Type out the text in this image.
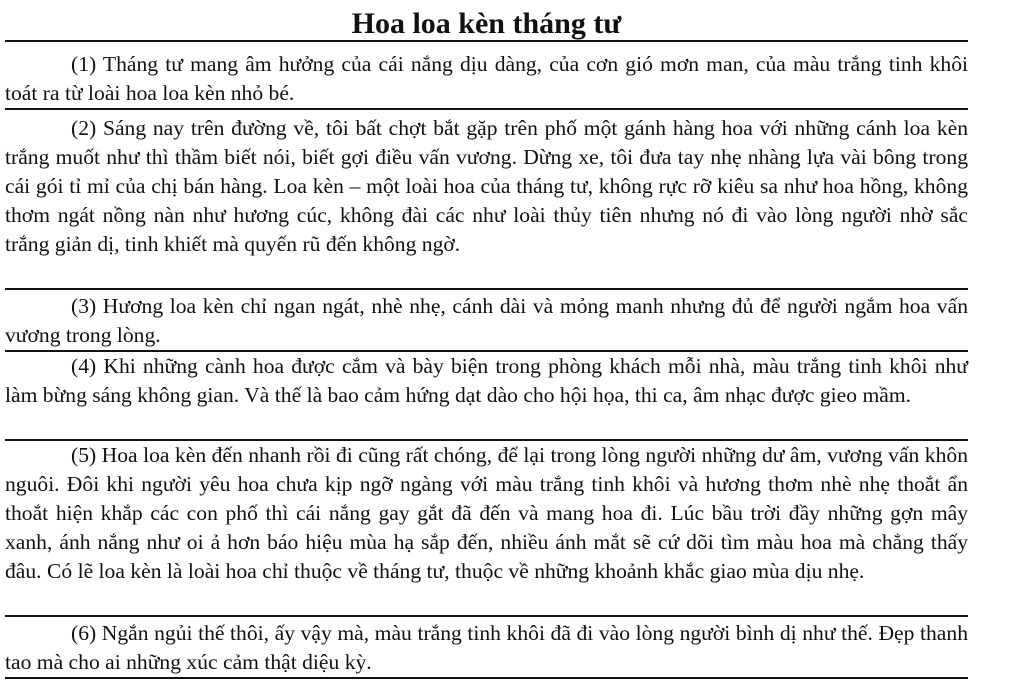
Hoa loa kèn tháng tư

(1) Tháng tư mang âm hưởng của cái nắng dịu dàng, của cơn gió mơn man, của màu trắng tinh khôi toát ra từ loài hoa loa kèn nhỏ bé.

(2) Sáng nay trên đường về, tôi bất chợt bắt gặp trên phố một gánh hàng hoa với những cánh loa kèn trắng muốt như thì thầm biết nói, biết gợi điều vấn vương. Dừng xe, tôi đưa tay nhẹ nhàng lựa vài bông trong cái gói tỉ mỉ của chị bán hàng. Loa kèn – một loài hoa của tháng tư, không rực rỡ kiêu sa như hoa hồng, không thơm ngát nồng nàn như hương cúc, không đài các như loài thủy tiên nhưng nó đi vào lòng người nhờ sắc trắng giản dị, tinh khiết mà quyến rũ đến không ngờ.

(3) Hương loa kèn chỉ ngan ngát, nhè nhẹ, cánh dài và mỏng manh nhưng đủ để người ngắm hoa vấn vương trong lòng.

(4) Khi những cành hoa được cắm và bày biện trong phòng khách mỗi nhà, màu trắng tinh khôi như làm bừng sáng không gian. Và thế là bao cảm hứng dạt dào cho hội họa, thi ca, âm nhạc được gieo mầm.

(5) Hoa loa kèn đến nhanh rồi đi cũng rất chóng, để lại trong lòng người những dư âm, vương vấn khôn nguôi. Đôi khi người yêu hoa chưa kịp ngỡ ngàng với màu trắng tinh khôi và hương thơm nhè nhẹ thoắt ẩn thoắt hiện khắp các con phố thì cái nắng gay gắt đã đến và mang hoa đi. Lúc bầu trời đầy những gợn mây xanh, ánh nắng như oi ả hơn báo hiệu mùa hạ sắp đến, nhiều ánh mắt sẽ cứ dõi tìm màu hoa mà chẳng thấy đâu. Có lẽ loa kèn là loài hoa chỉ thuộc về tháng tư, thuộc về những khoảnh khắc giao mùa dịu nhẹ.

(6) Ngắn ngủi thế thôi, ấy vậy mà, màu trắng tinh khôi đã đi vào lòng người bình dị như thế. Đẹp thanh tao mà cho ai những xúc cảm thật diệu kỳ.
